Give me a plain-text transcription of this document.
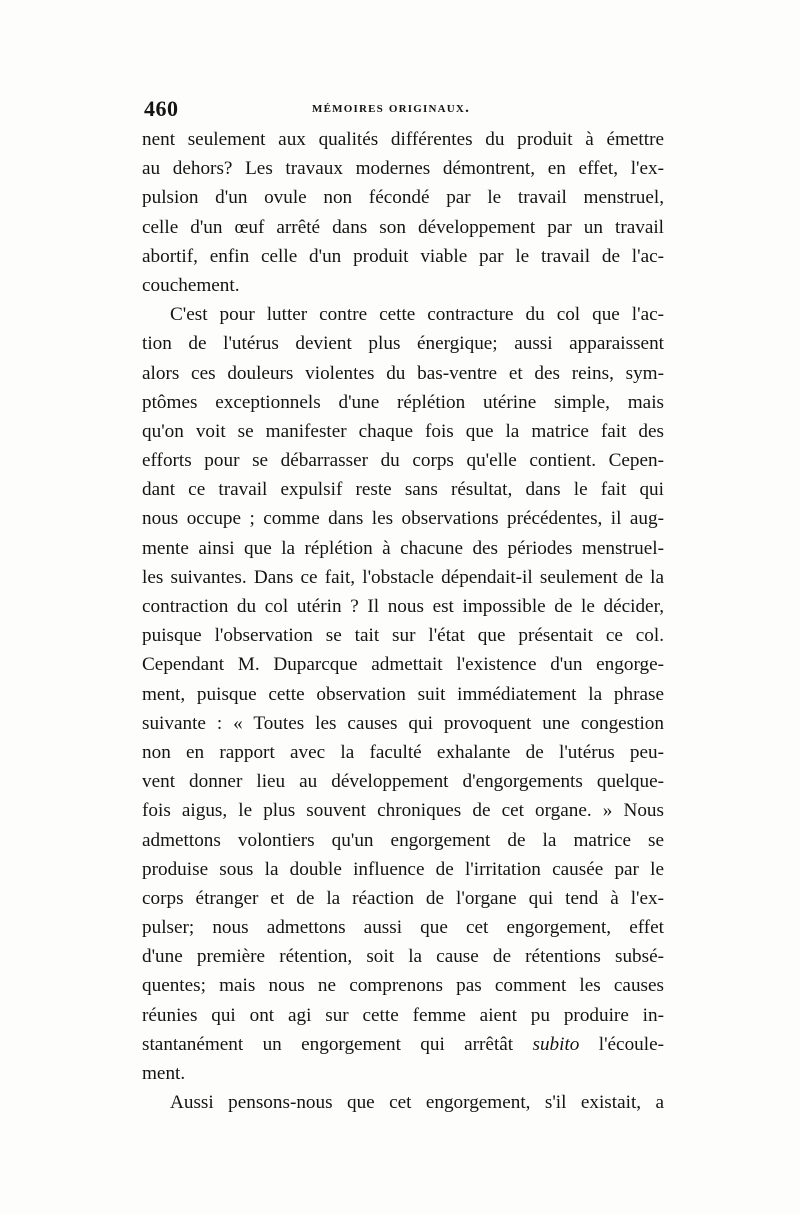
460	mémoires originaux.

nent seulement aux qualités différentes du produit à émettre
au dehors? Les travaux modernes démontrent, en effet, l'ex-
pulsion d'un ovule non fécondé par le travail menstruel,
celle d'un œuf arrêté dans son développement par un travail
abortif, enfin celle d'un produit viable par le travail de l'ac-
couchement.

C'est pour lutter contre cette contracture du col que l'ac-
tion de l'utérus devient plus énergique; aussi apparaissent
alors ces douleurs violentes du bas-ventre et des reins, sym-
ptômes exceptionnels d'une réplétion utérine simple, mais
qu'on voit se manifester chaque fois que la matrice fait des
efforts pour se débarrasser du corps qu'elle contient. Cepen-
dant ce travail expulsif reste sans résultat, dans le fait qui
nous occupe ; comme dans les observations précédentes, il aug-
mente ainsi que la réplétion à chacune des périodes menstruel-
les suivantes. Dans ce fait, l'obstacle dépendait-il seulement de la
contraction du col utérin ? Il nous est impossible de le décider,
puisque l'observation se tait sur l'état que présentait ce col.
Cependant M. Duparcque admettait l'existence d'un engorge-
ment, puisque cette observation suit immédiatement la phrase
suivante : « Toutes les causes qui provoquent une congestion
non en rapport avec la faculté exhalante de l'utérus peu-
vent donner lieu au développement d'engorgements quelque-
fois aigus, le plus souvent chroniques de cet organe. » Nous
admettons volontiers qu'un engorgement de la matrice se
produise sous la double influence de l'irritation causée par le
corps étranger et de la réaction de l'organe qui tend à l'ex-
pulser; nous admettons aussi que cet engorgement, effet
d'une première rétention, soit la cause de rétentions subsé-
quentes; mais nous ne comprenons pas comment les causes
réunies qui ont agi sur cette femme aient pu produire in-
stantanément un engorgement qui arrêtât subito l'écoule-
ment.

Aussi pensons-nous que cet engorgement, s'il existait, a
